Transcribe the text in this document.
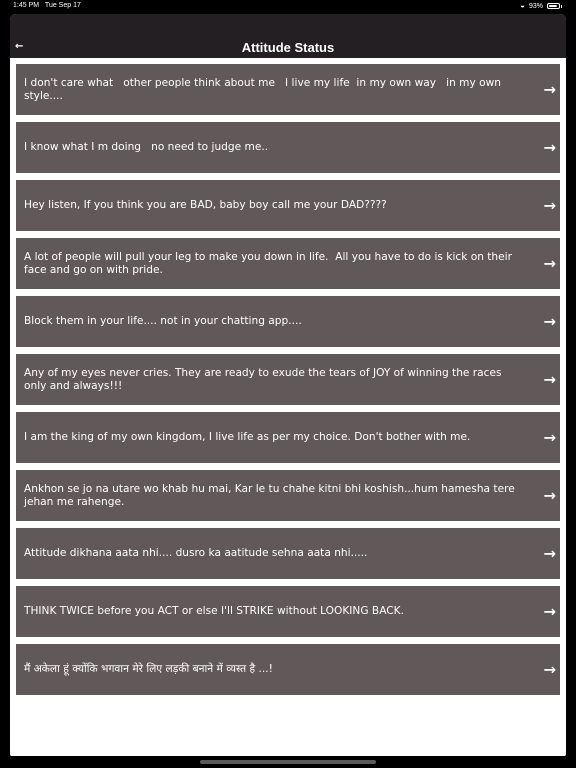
1:45 PM Tue Sep 17	◒ 93%
←	Attitude Status
I don't care what   other people think about me   I live my life  in my own way   in my own style....	→
I know what I m doing   no need to judge me..	→
Hey listen, If you think you are BAD, baby boy call me your DAD????	→
A lot of people will pull your leg to make you down in life.  All you have to do is kick on their face and go on with pride.	→
Block them in your life.... not in your chatting app....	→
Any of my eyes never cries. They are ready to exude the tears of JOY of winning the races only and always!!!	→
I am the king of my own kingdom, I live life as per my choice. Don't bother with me.	→
Ankhon se jo na utare wo khab hu mai, Kar le tu chahe kitni bhi koshish...hum hamesha tere jehan me rahenge.	→
Attitude dikhana aata nhi.... dusro ka aatitude sehna aata nhi.....	→
THINK TWICE before you ACT or else I'll STRIKE without LOOKING BACK.	→
मैं अकेला हूं क्योंकि भगवान मेरे लिए लड़की बनाने में व्यस्त है ...!	→
